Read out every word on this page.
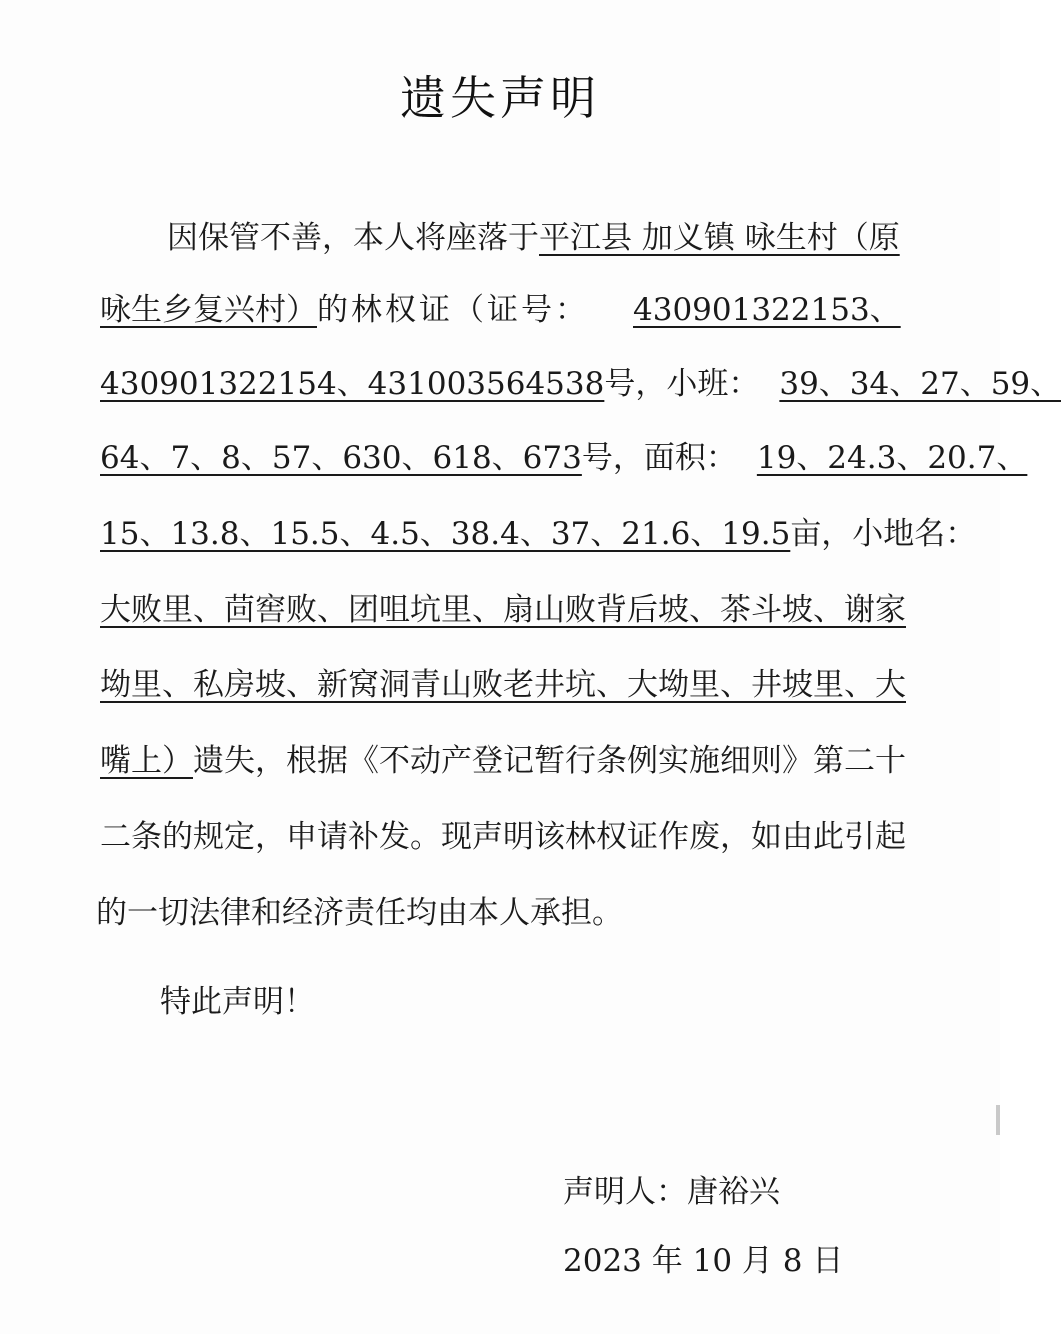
遗失声明
因保管不善，本人将座落于平江县 加义镇 咏生村（原
咏生乡复兴村）的林权证（证号： 430901322153、
430901322154、431003564538号，小班： 39、34、27、59、
64、7、8、57、630、618、673号，面积： 19、24.3、20.7、
15、13.8、15.5、4.5、38.4、37、21.6、19.5亩，小地名：
大败里、茴窖败、团咀坑里、扇山败背后坡、茶斗坡、谢家
坳里、私房坡、新窝洞青山败老井坑、大坳里、井坡里、大
嘴上）遗失，根据《不动产登记暂行条例实施细则》第二十
二条的规定，申请补发。现声明该林权证作废，如由此引起
的一切法律和经济责任均由本人承担。
特此声明！
声明人：唐裕兴
2023 年 10 月 8 日
